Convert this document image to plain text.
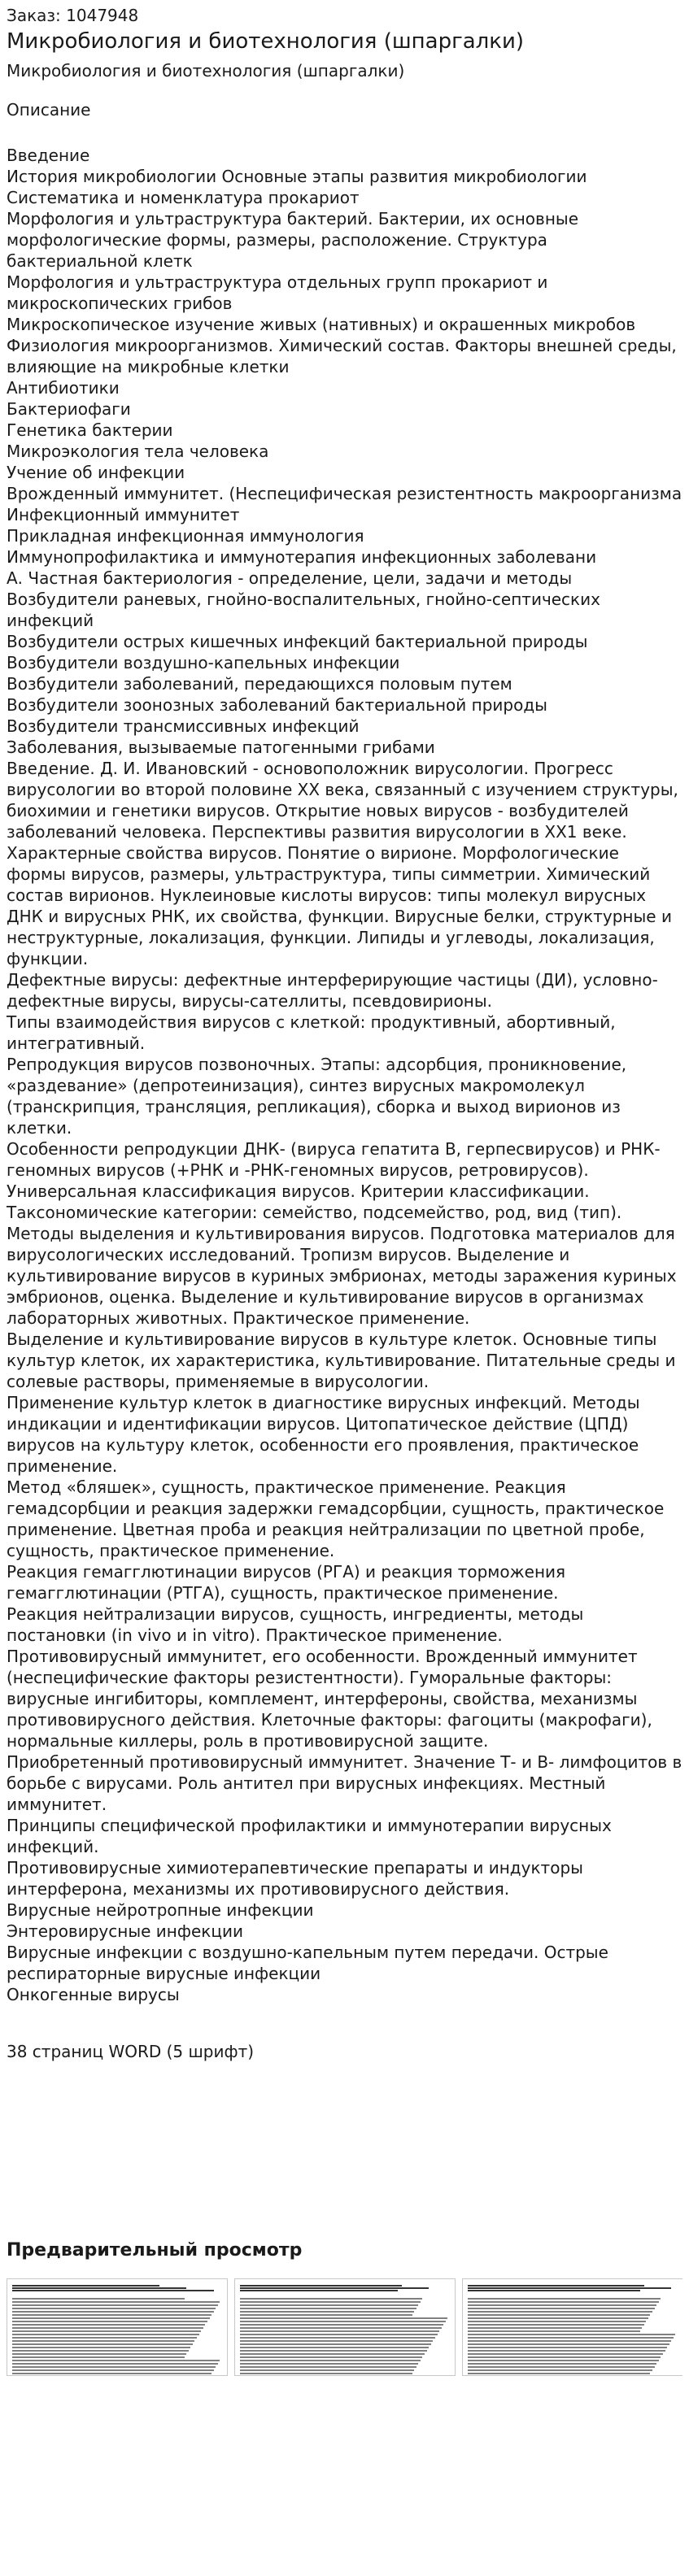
Заказ: 1047948
Микробиология и биотехнология (шпаргалки)
Микробиология и биотехнология (шпаргалки)
Описание
Введение
История микробиологии Основные этапы развития микробиологии
Систематика и номенклатура прокариот
Морфология и ультраструктура бактерий. Бактерии, их основные морфологические формы, размеры, расположение. Структура бактериальной клетк
Морфология и ультраструктура отдельных групп прокариот и микроскопических грибов
Микроскопическое изучение живых (нативных) и окрашенных микробов
Физиология микроорганизмов. Химический состав. Факторы внешней среды, влияющие на микробные клетки
Антибиотики
Бактериофаги
Генетика бактерии
Микроэкология тела человека
Учение об инфекции
Врожденный иммунитет. (Неспецифическая резистентность макроорганизма
Инфекционный иммунитет
Прикладная инфекционная иммунология
Иммунопрофилактика и иммунотерапия инфекционных заболевани
А. Частная бактериология - определение, цели, задачи и методы
Возбудители раневых, гнойно-воспалительных, гнойно-септических инфекций
Возбудители острых кишечных инфекций бактериальной природы
Возбудители воздушно-капельных инфекции
Возбудители заболеваний, передающихся половым путем
Возбудители зоонозных заболеваний бактериальной природы
Возбудители трансмиссивных инфекций
Заболевания, вызываемые патогенными грибами
Введение. Д. И. Ивановский - основоположник вирусологии. Прогресс вирусологии во второй половине ХХ века, связанный с изучением структуры, биохимии и генетики вирусов. Открытие новых вирусов - возбудителей заболеваний человека. Перспективы развития вирусологии в ХХ1 веке.
Характерные свойства вирусов. Понятие о вирионе. Морфологические формы вирусов, размеры, ультраструктура, типы симметрии. Химический состав вирионов. Нуклеиновые кислоты вирусов: типы молекул вирусных
ДНК и вирусных РНК, их свойства, функции. Вирусные белки, структурные и неструктурные, локализация, функции. Липиды и углеводы, локализация, функции.
Дефектные вирусы: дефектные интерферирующие частицы (ДИ), условно-дефектные вирусы, вирусы-сателлиты, псевдовирионы.
Типы взаимодействия вирусов с клеткой: продуктивный, абортивный, интегративный.
Репродукция вирусов позвоночных. Этапы: адсорбция, проникновение, «раздевание» (депротеинизация), синтез вирусных макромолекул (транскрипция, трансляция, репликация), сборка и выход вирионов из клетки.
Особенности репродукции ДНК- (вируса гепатита В, герпесвирусов) и РНК-геномных вирусов (+РНК и -РНК-геномных вирусов, ретровирусов).
Универсальная классификация вирусов. Критерии классификации. Таксономические категории: семейство, подсемейство, род, вид (тип).
Методы выделения и культивирования вирусов. Подготовка материалов для вирусологических исследований. Тропизм вирусов. Выделение и культивирование вирусов в куриных эмбрионах, методы заражения куриных эмбрионов, оценка. Выделение и культивирование вирусов в организмах лабораторных животных. Практическое применение.
Выделение и культивирование вирусов в культуре клеток. Основные типы культур клеток, их характеристика, культивирование. Питательные среды и солевые растворы, применяемые в вирусологии.
Применение культур клеток в диагностике вирусных инфекций. Методы индикации и идентификации вирусов. Цитопатическое действие (ЦПД) вирусов на культуру клеток, особенности его проявления, практическое применение.
Метод «бляшек», сущность, практическое применение. Реакция гемадсорбции и реакция задержки гемадсорбции, сущность, практическое применение. Цветная проба и реакция нейтрализации по цветной пробе, сущность, практическое применение.
Реакция гемагглютинации вирусов (РГА) и реакция торможения гемагглютинации (РТГА), сущность, практическое применение.
Реакция нейтрализации вирусов, сущность, ингредиенты, методы постановки (in vivo и in vitro). Практическое применение.
Противовирусный иммунитет, его особенности. Врожденный иммунитет (неспецифические факторы резистентности). Гуморальные факторы: вирусные ингибиторы, комплемент, интерфероны, свойства, механизмы противовирусного действия. Клеточные факторы: фагоциты (макрофаги), нормальные киллеры, роль в противовирусной защите.
Приобретенный противовирусный иммунитет. Значение Т- и В- лимфоцитов в борьбе с вирусами. Роль антител при вирусных инфекциях. Местный иммунитет.
Принципы специфической профилактики и иммунотерапии вирусных инфекций.
Противовирусные химиотерапевтические препараты и индукторы интерферона, механизмы их противовирусного действия.
Вирусные нейротропные инфекции
Энтеровирусные инфекции
Вирусные инфекции с воздушно-капельным путем передачи. Острые респираторные вирусные инфекции
Онкогенные вирусы
38 страниц WORD (5 шрифт)
Предварительный просмотр
